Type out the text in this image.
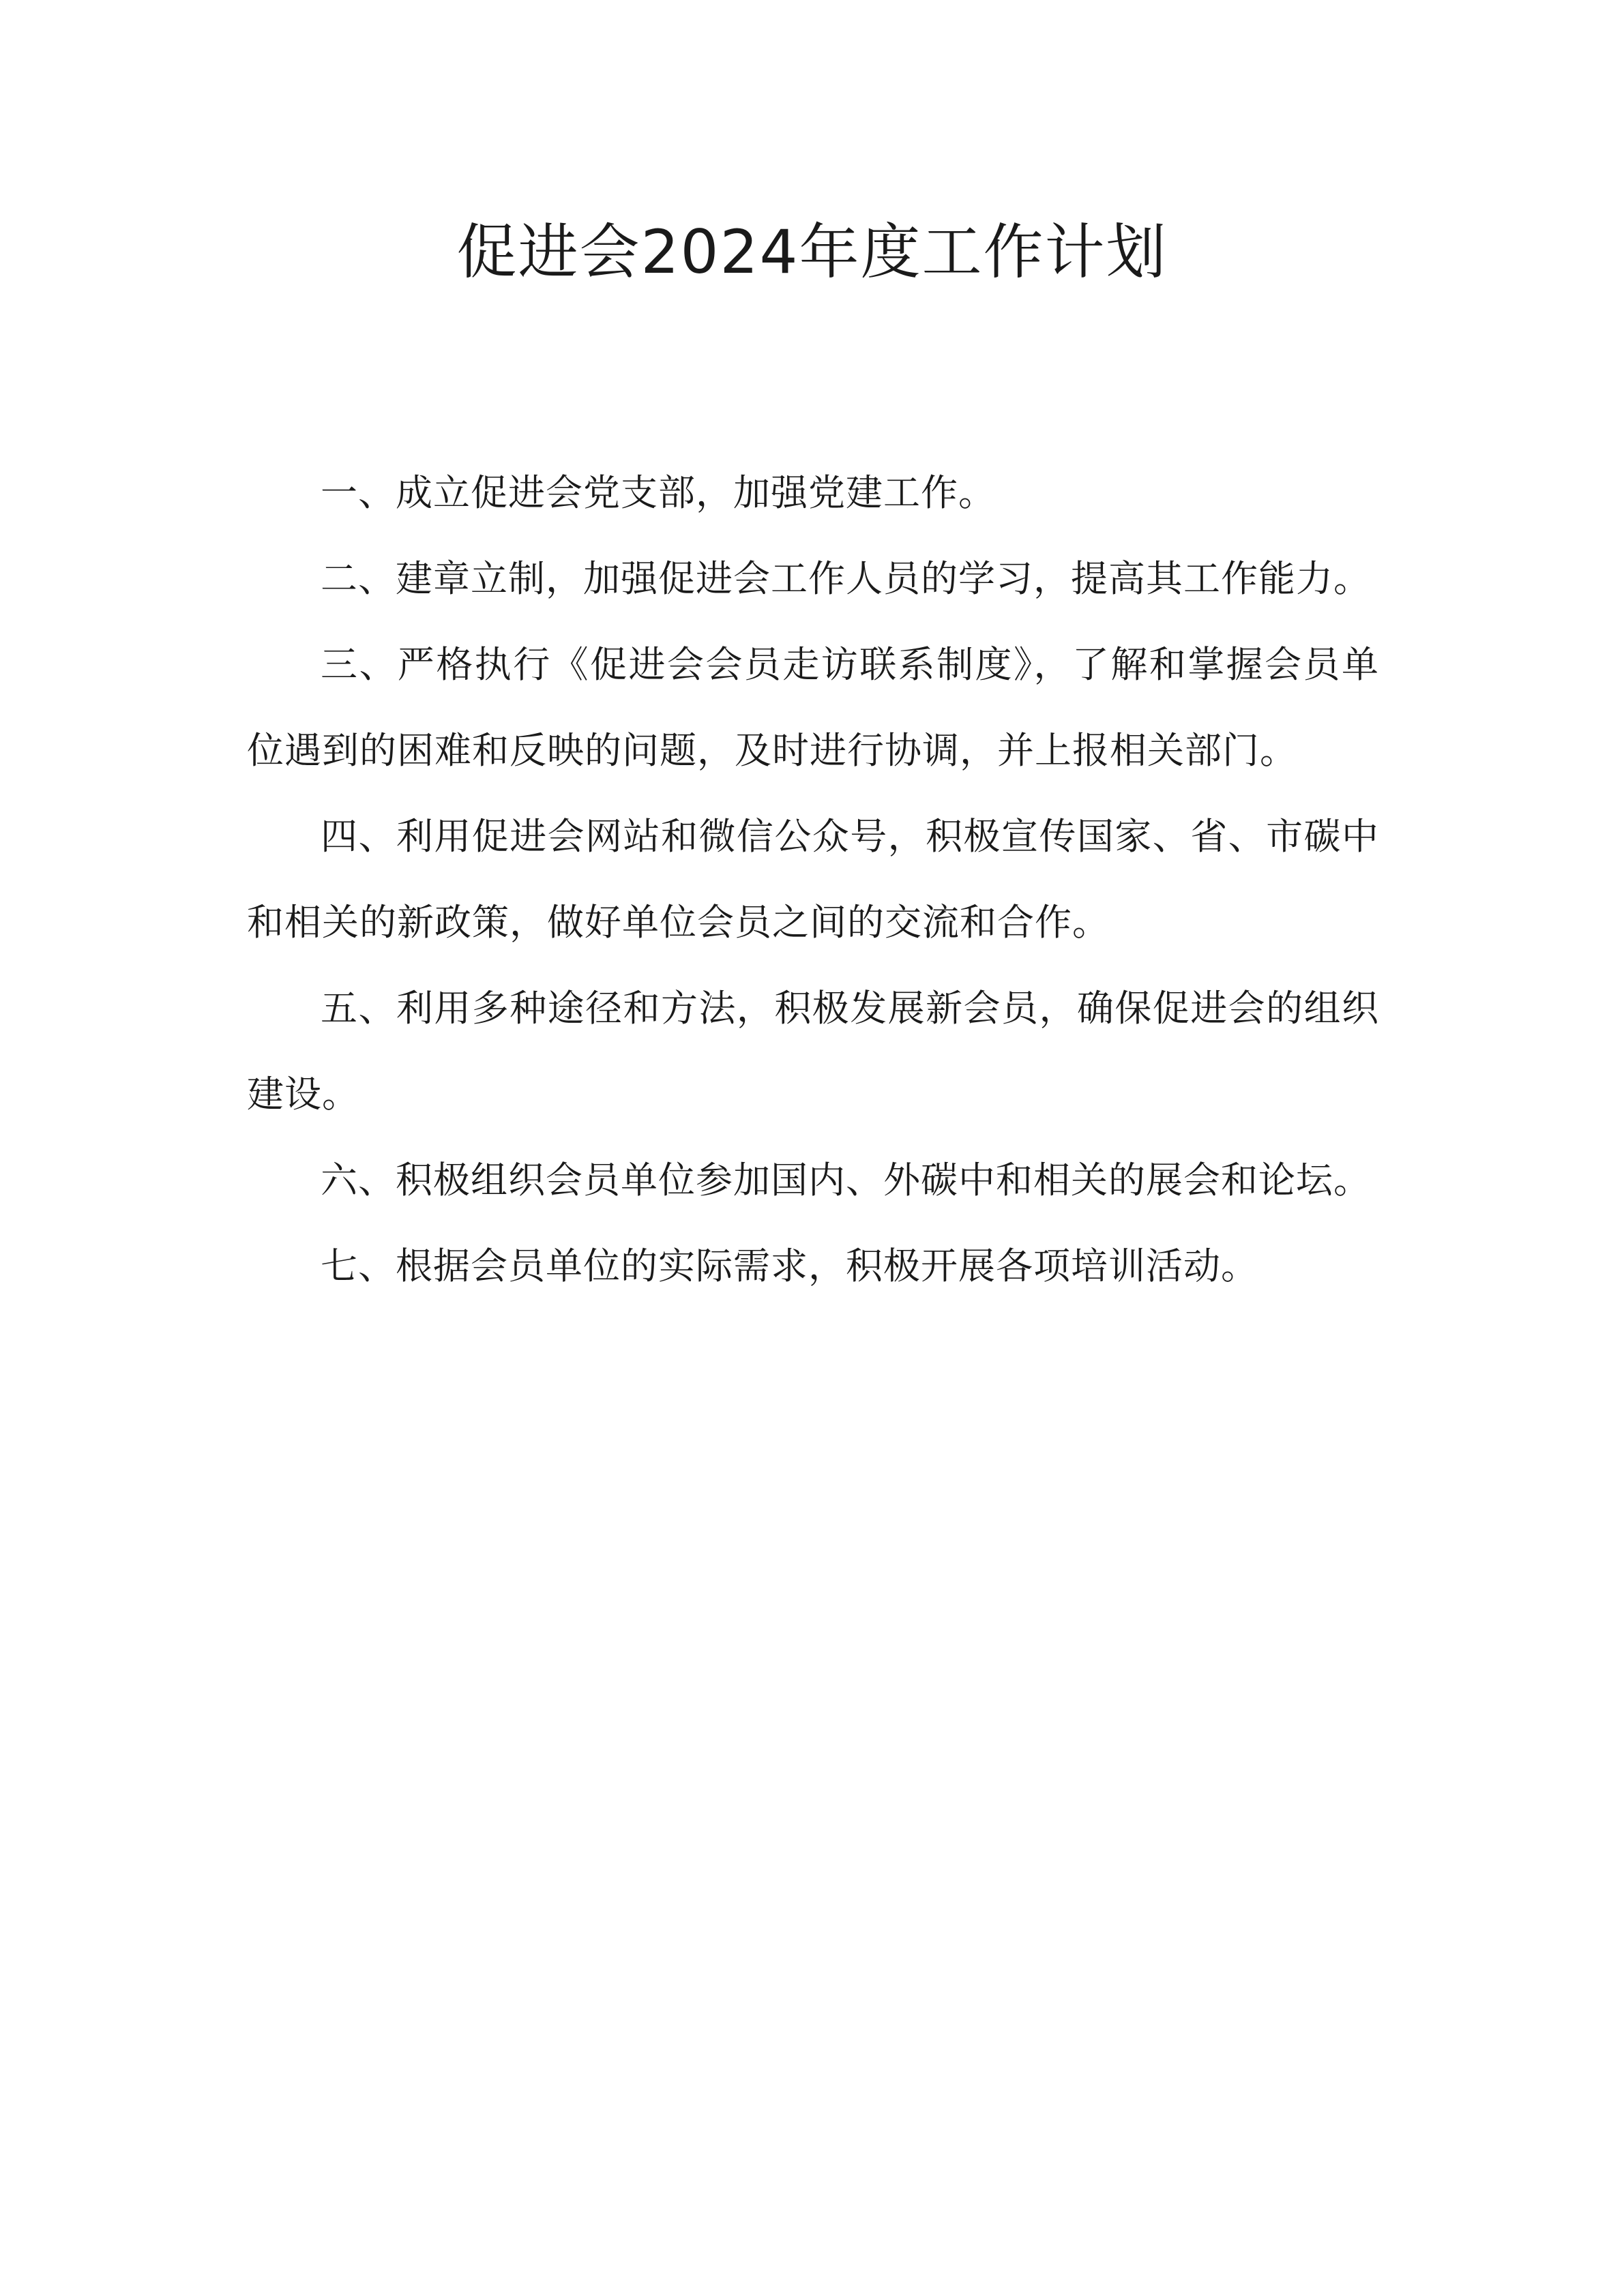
促进会2024年度工作计划

一、成立促进会党支部，加强党建工作。

二、建章立制，加强促进会工作人员的学习，提高其工作能力。

三、严格执行《促进会会员走访联系制度》，了解和掌握会员单位遇到的困难和反映的问题，及时进行协调，并上报相关部门。

四、利用促进会网站和微信公众号，积极宣传国家、省、市碳中和相关的新政策，做好单位会员之间的交流和合作。

五、利用多种途径和方法，积极发展新会员，确保促进会的组织建设。

六、积极组织会员单位参加国内、外碳中和相关的展会和论坛。

七、根据会员单位的实际需求，积极开展各项培训活动。
